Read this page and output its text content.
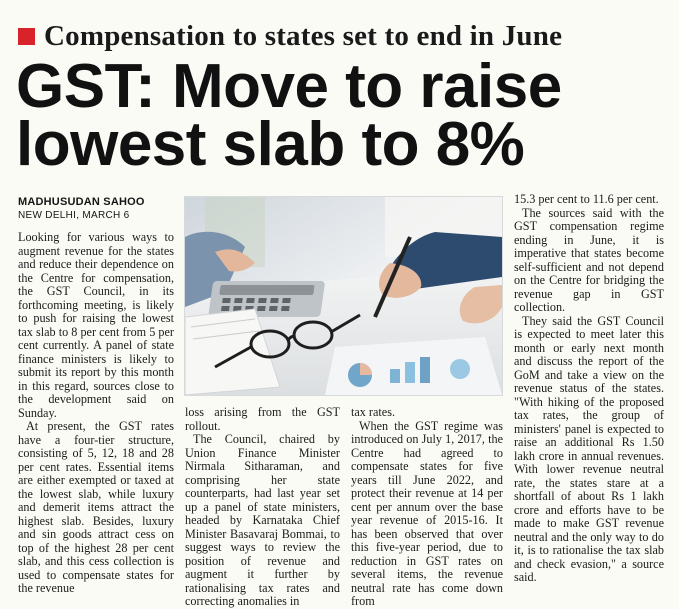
Compensation to states set to end in June
GST: Move to raise
lowest slab to 8%
MADHUSUDAN SAHOO
NEW DELHI, MARCH 6

Looking for various ways to augment revenue for the states and reduce their dependence on the Centre for compensation, the GST Council, in its forthcoming meeting, is likely to push for raising the lowest tax slab to 8 per cent from 5 per cent currently. A panel of state finance ministers is likely to submit its report by this month in this regard, sources close to the development said on Sunday.

At present, the GST rates have a four-tier structure, consisting of 5, 12, 18 and 28 per cent rates. Essential items are either exempted or taxed at the lowest slab, while luxury and demerit items attract the highest slab. Besides, luxury and sin goods attract cess on top of the highest 28 per cent slab, and this cess collection is used to compensate states for the revenue

loss arising from the GST rollout.

The Council, chaired by Union Finance Minister Nirmala Sitharaman, and comprising her state counterparts, had last year set up a panel of state ministers, headed by Karnataka Chief Minister Basavaraj Bommai, to suggest ways to review the position of revenue and augment it further by rationalising tax rates and correcting anomalies in

tax rates.

When the GST regime was introduced on July 1, 2017, the Centre had agreed to compensate states for five years till June 2022, and protect their revenue at 14 per cent per annum over the base year revenue of 2015-16. It has been observed that over this five-year period, due to reduction in GST rates on several items, the revenue neutral rate has come down from

15.3 per cent to 11.6 per cent.

The sources said with the GST compensation regime ending in June, it is imperative that states become self-sufficient and not depend on the Centre for bridging the revenue gap in GST collection.

They said the GST Council is expected to meet later this month or early next month and discuss the report of the GoM and take a view on the revenue status of the states. "With hiking of the proposed tax rates, the group of ministers' panel is expected to raise an additional Rs 1.50 lakh crore in annual revenues. With lower revenue neutral rate, the states stare at a shortfall of about Rs 1 lakh crore and efforts have to be made to make GST revenue neutral and the only way to do it, is to rationalise the tax slab and check evasion," a source said.
